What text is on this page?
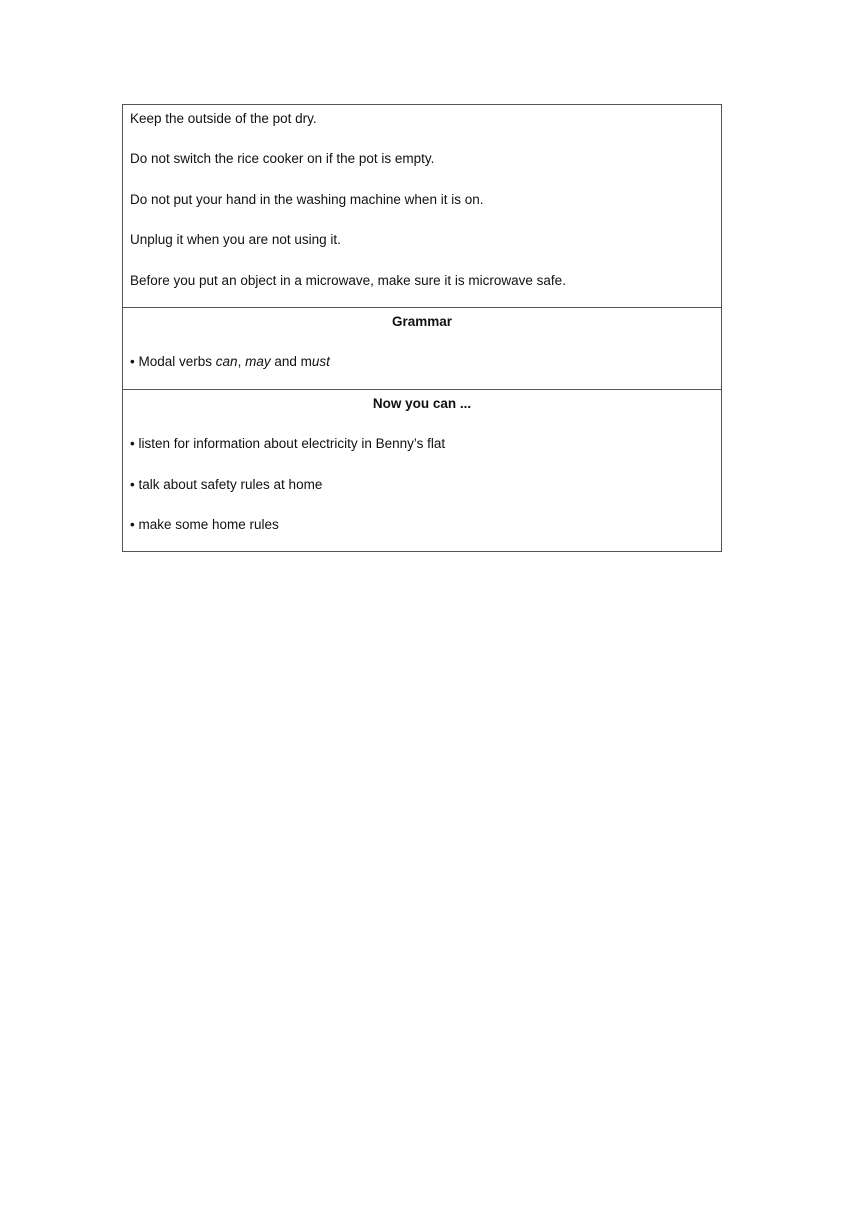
Keep the outside of the pot dry.
Do not switch the rice cooker on if the pot is empty.
Do not put your hand in the washing machine when it is on.
Unplug it when you are not using it.
Before you put an object in a microwave, make sure it is microwave safe.
Grammar
• Modal verbs can, may and must
Now you can ...
• listen for information about electricity in Benny’s flat
• talk about safety rules at home
• make some home rules
